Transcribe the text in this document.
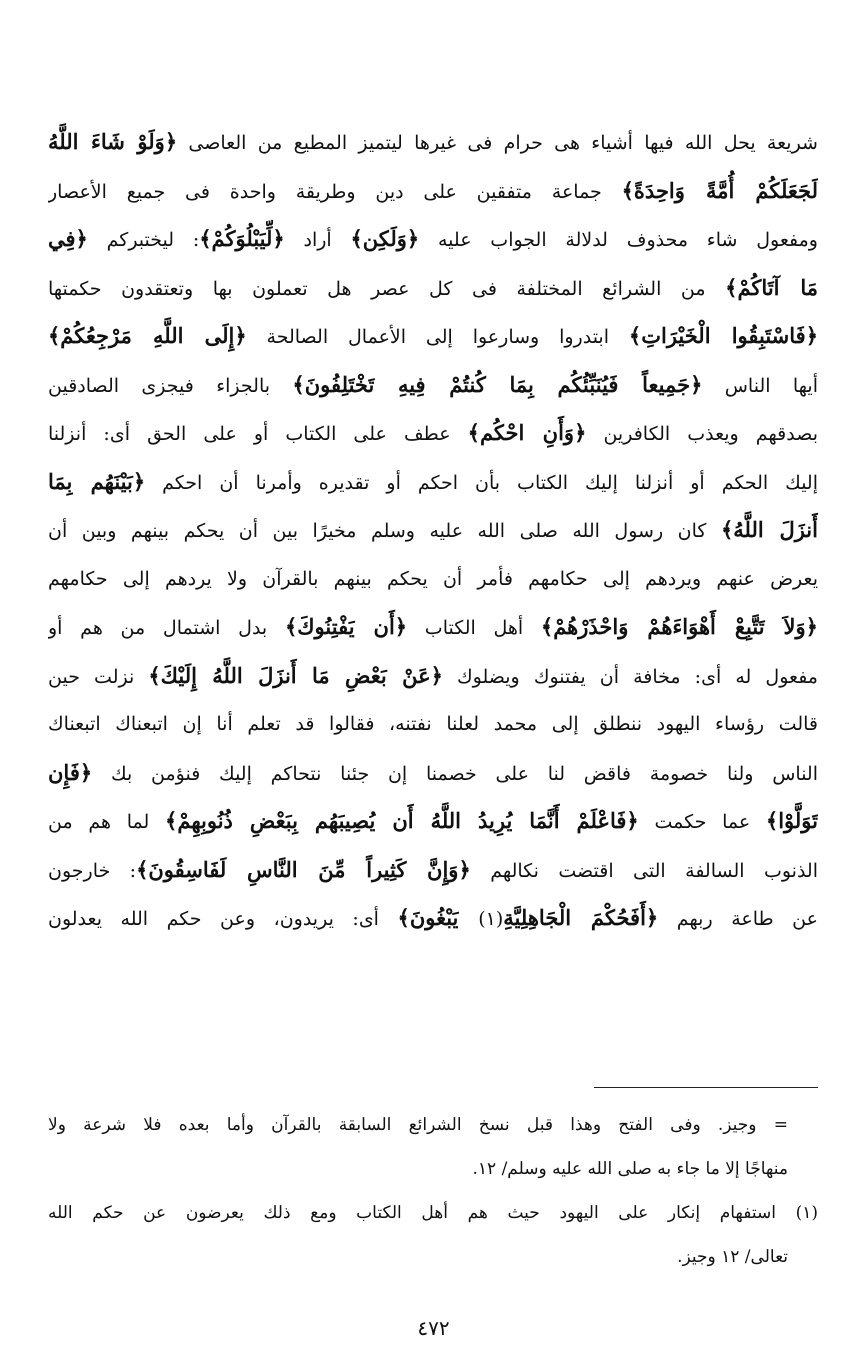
شريعة يحل الله فيها أشياء هى حرام فى غيرها ليتميز المطيع من العاصى ﴿وَلَوْ شَاءَ اللَّهُ
لَجَعَلَكُمْ أُمَّةً وَاحِدَةً﴾ جماعة متفقين على دين وطريقة واحدة فى جميع الأعصار
ومفعول شاء محذوف لدلالة الجواب عليه ﴿وَلَكِن﴾ أراد ﴿لِّيَبْلُوَكُمْ﴾: ليختبركم ﴿فِي
مَا آتَاكُمْ﴾ من الشرائع المختلفة فى كل عصر هل تعملون بها وتعتقدون حكمتها
﴿فَاسْتَبِقُوا الْخَيْرَاتِ﴾ ابتدروا وسارعوا إلى الأعمال الصالحة ﴿إِلَى اللَّهِ مَرْجِعُكُمْ﴾
أيها الناس ﴿جَمِيعاً فَيُنَبِّئُكُم بِمَا كُنتُمْ فِيهِ تَخْتَلِفُونَ﴾ بالجزاء فيجزى الصادقين
بصدقهم ويعذب الكافرين ﴿وَأَنِ احْكُم﴾ عطف على الكتاب أو على الحق أى: أنزلنا
إليك الحكم أو أنزلنا إليك الكتاب بأن احكم أو تقديره وأمرنا أن احكم ﴿بَيْنَهُم بِمَا
أَنزَلَ اللَّهُ﴾ كان رسول الله صلى الله عليه وسلم مخيرًا بين أن يحكم بينهم وبين أن
يعرض عنهم ويردهم إلى حكامهم فأمر أن يحكم بينهم بالقرآن ولا يردهم إلى حكامهم
﴿وَلاَ تَتَّبِعْ أَهْوَاءَهُمْ وَاحْذَرْهُمْ﴾ أهل الكتاب ﴿أَن يَفْتِنُوكَ﴾ بدل اشتمال من هم أو
مفعول له أى: مخافة أن يفتنوك ويضلوك ﴿عَنْ بَعْضِ مَا أَنزَلَ اللَّهُ إِلَيْكَ﴾ نزلت حين
قالت رؤساء اليهود ننطلق إلى محمد لعلنا نفتنه، فقالوا قد تعلم أنا إن اتبعناك اتبعناك
الناس ولنا خصومة فاقض لنا على خصمنا إن جئنا نتحاكم إليك فنؤمن بك ﴿فَإِن
تَوَلَّوْا﴾ عما حكمت ﴿فَاعْلَمْ أَنَّمَا يُرِيدُ اللَّهُ أَن يُصِيبَهُم بِبَعْضِ ذُنُوبِهِمْ﴾ لما هم من
الذنوب السالفة التى اقتضت نكالهم ﴿وَإِنَّ كَثِيراً مِّنَ النَّاسِ لَفَاسِقُونَ﴾: خارجون
عن طاعة ربهم ﴿أَفَحُكْمَ الْجَاهِلِيَّةِ(١) يَبْغُونَ﴾ أى: يريدون، وعن حكم الله يعدلون
= وجيز. وفى الفتح وهذا قبل نسخ الشرائع السابقة بالقرآن وأما بعده فلا شرعة ولا
منهاجًا إلا ما جاء به صلى الله عليه وسلم/ ١٢.
(١) استفهام إنكار على اليهود حيث هم أهل الكتاب ومع ذلك يعرضون عن حكم الله
تعالى/ ١٢ وجيز.
٤٧٢
